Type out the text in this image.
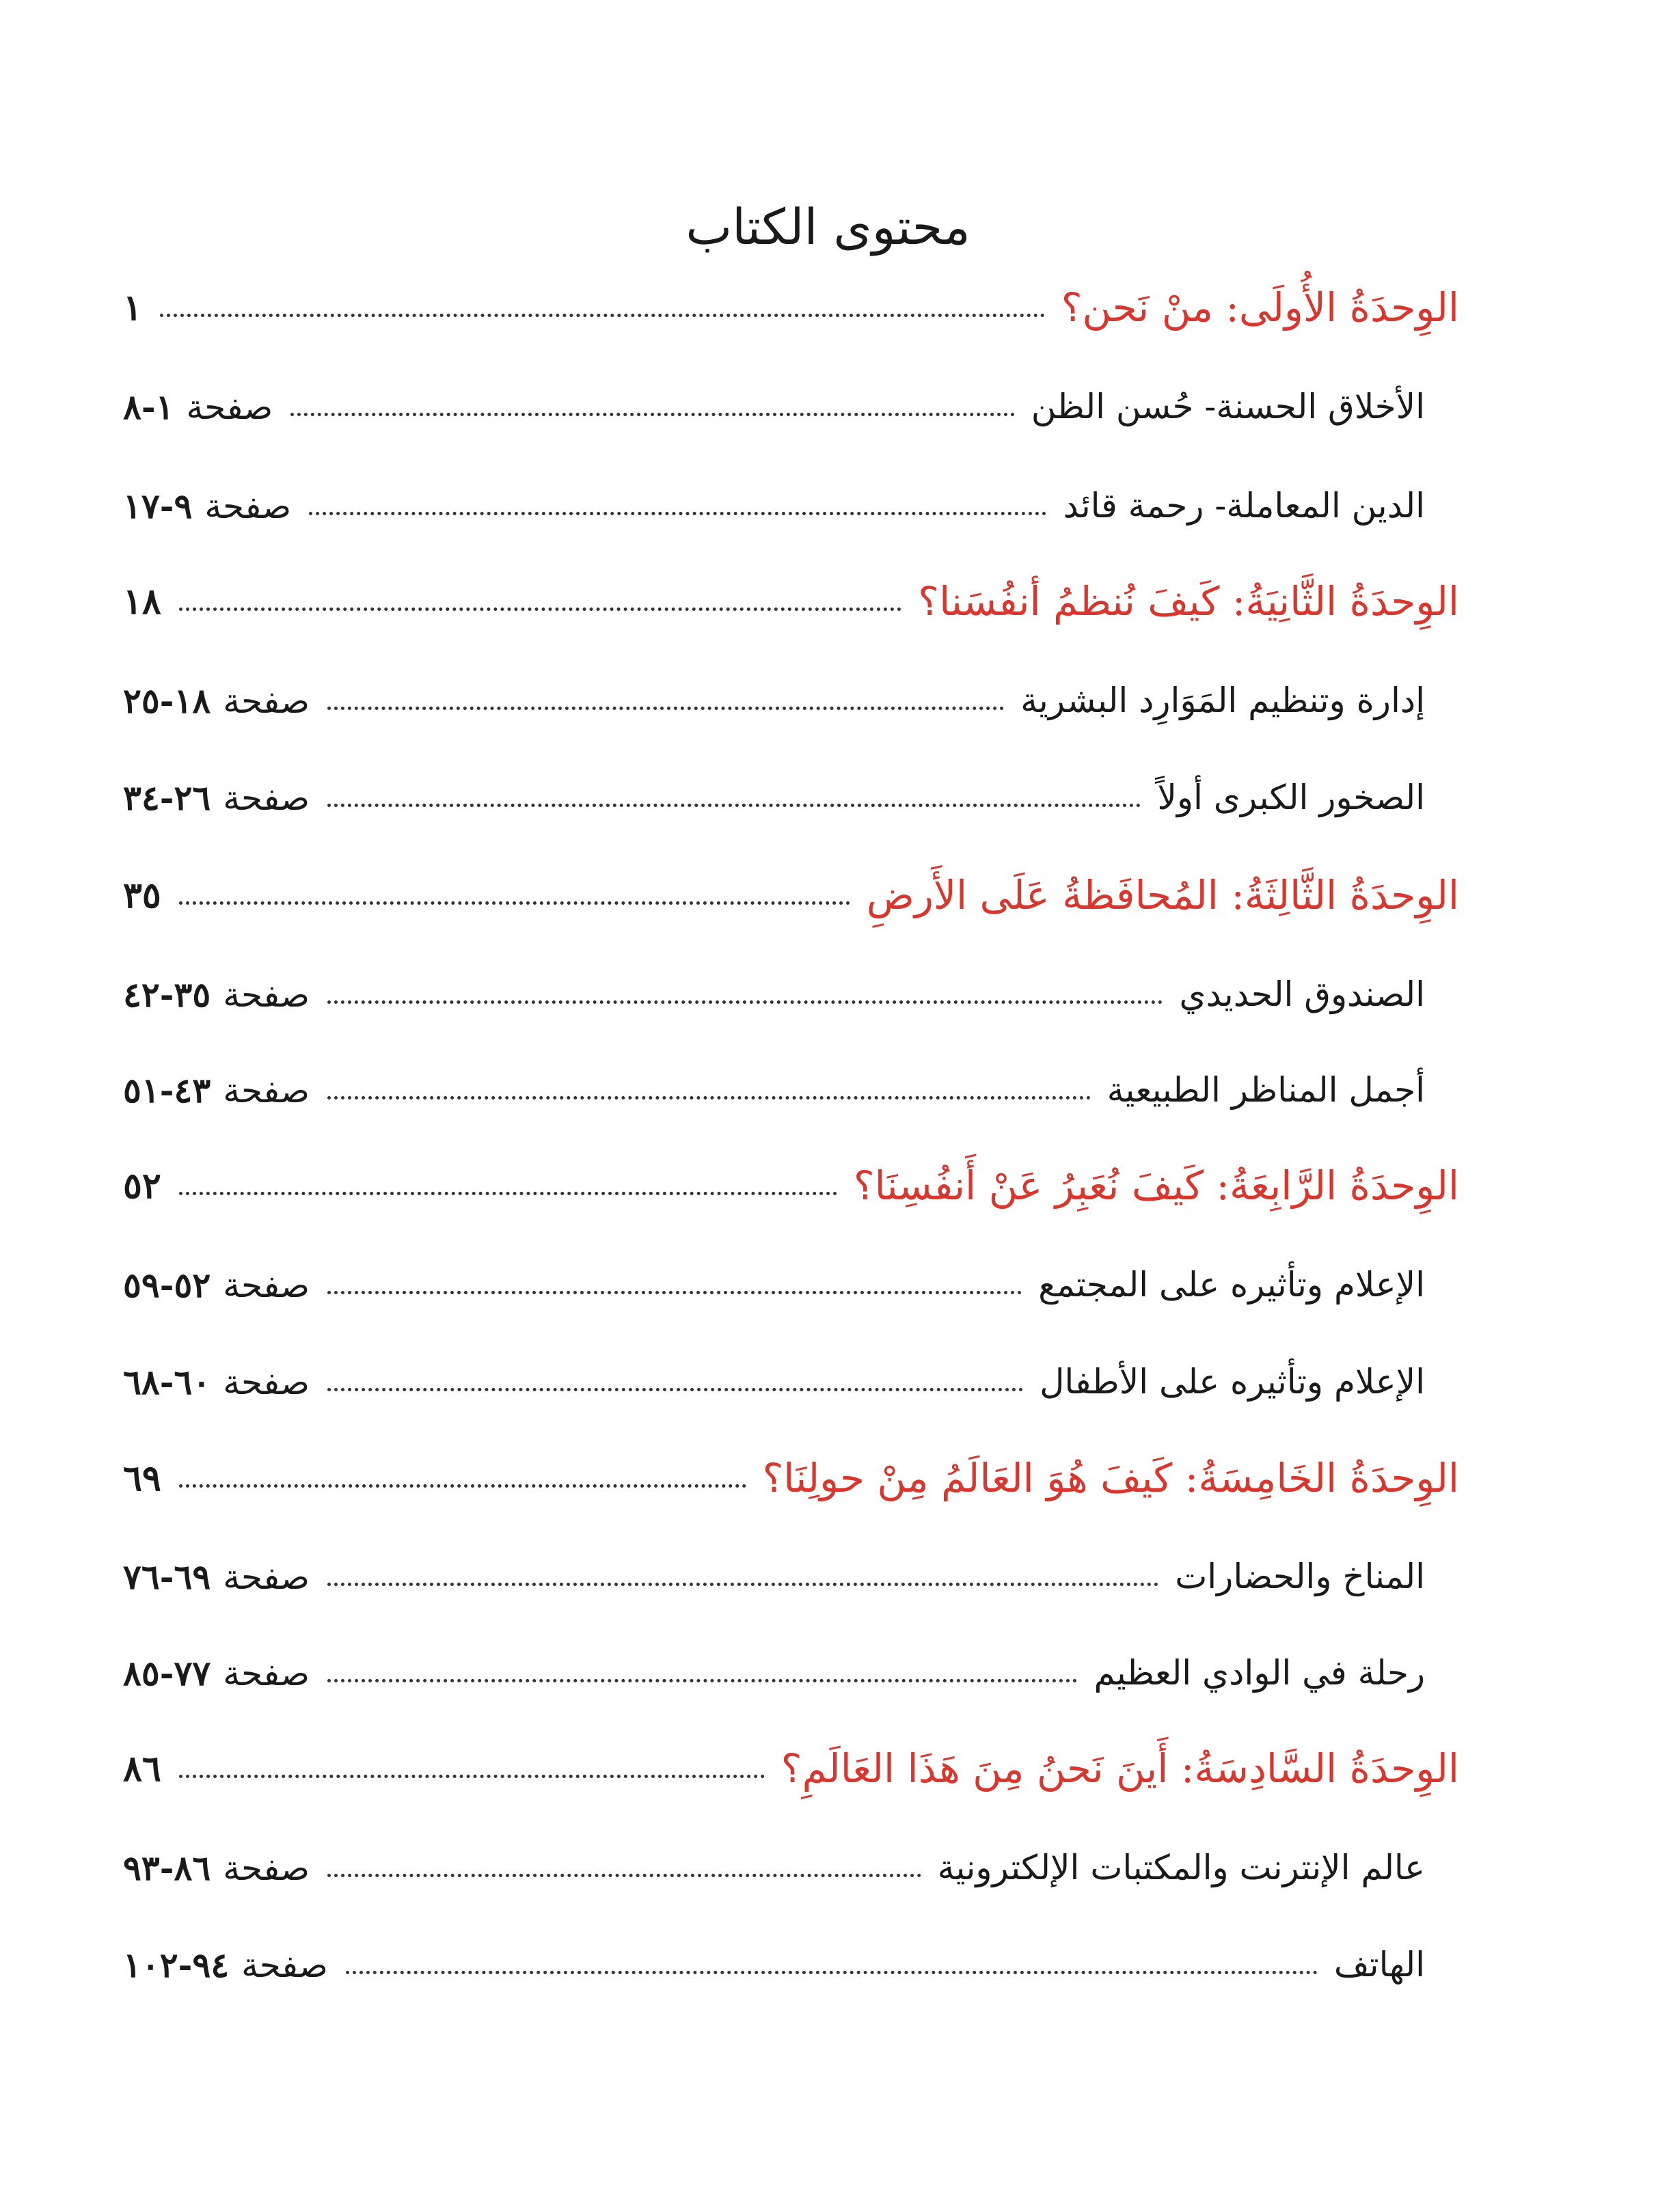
محتوى الكتاب
الوِحدَةُ الأُولَى: منْ نَحن؟
١
الأخلاق الحسنة- حُسن الظن
صفحة١-٨
الدين المعاملة- رحمة قائد
صفحة٩-١٧
الوِحدَةُ الثَّانِيَةُ: كَيفَ نُنظمُ أنفُسَنا؟
١٨
إدارة وتنظيم المَوَارِد البشرية
صفحة١٨-٢٥
الصخور الكبرى أولاً
صفحة٢٦-٣٤
الوِحدَةُ الثَّالِثَةُ: المُحافَظةُ عَلَى الأَرضِ
٣٥
الصندوق الحديدي
صفحة٣٥-٤٢
أجمل المناظر الطبيعية
صفحة٤٣-٥١
الوِحدَةُ الرَّابِعَةُ: كَيفَ نُعَبِرُ عَنْ أَنفُسِنَا؟
٥٢
الإعلام وتأثيره على المجتمع
صفحة٥٢-٥٩
الإعلام وتأثيره على الأطفال
صفحة٦٠-٦٨
الوِحدَةُ الخَامِسَةُ: كَيفَ هُوَ العَالَمُ مِنْ حولِنَا؟
٦٩
المناخ والحضارات
صفحة٦٩-٧٦
رحلة في الوادي العظيم
صفحة٧٧-٨٥
الوِحدَةُ السَّادِسَةُ: أَينَ نَحنُ مِنَ هَذَا العَالَمِ؟
٨٦
عالم الإنترنت والمكتبات الإلكترونية
صفحة٨٦-٩٣
الهاتف
صفحة٩٤-١٠٢
